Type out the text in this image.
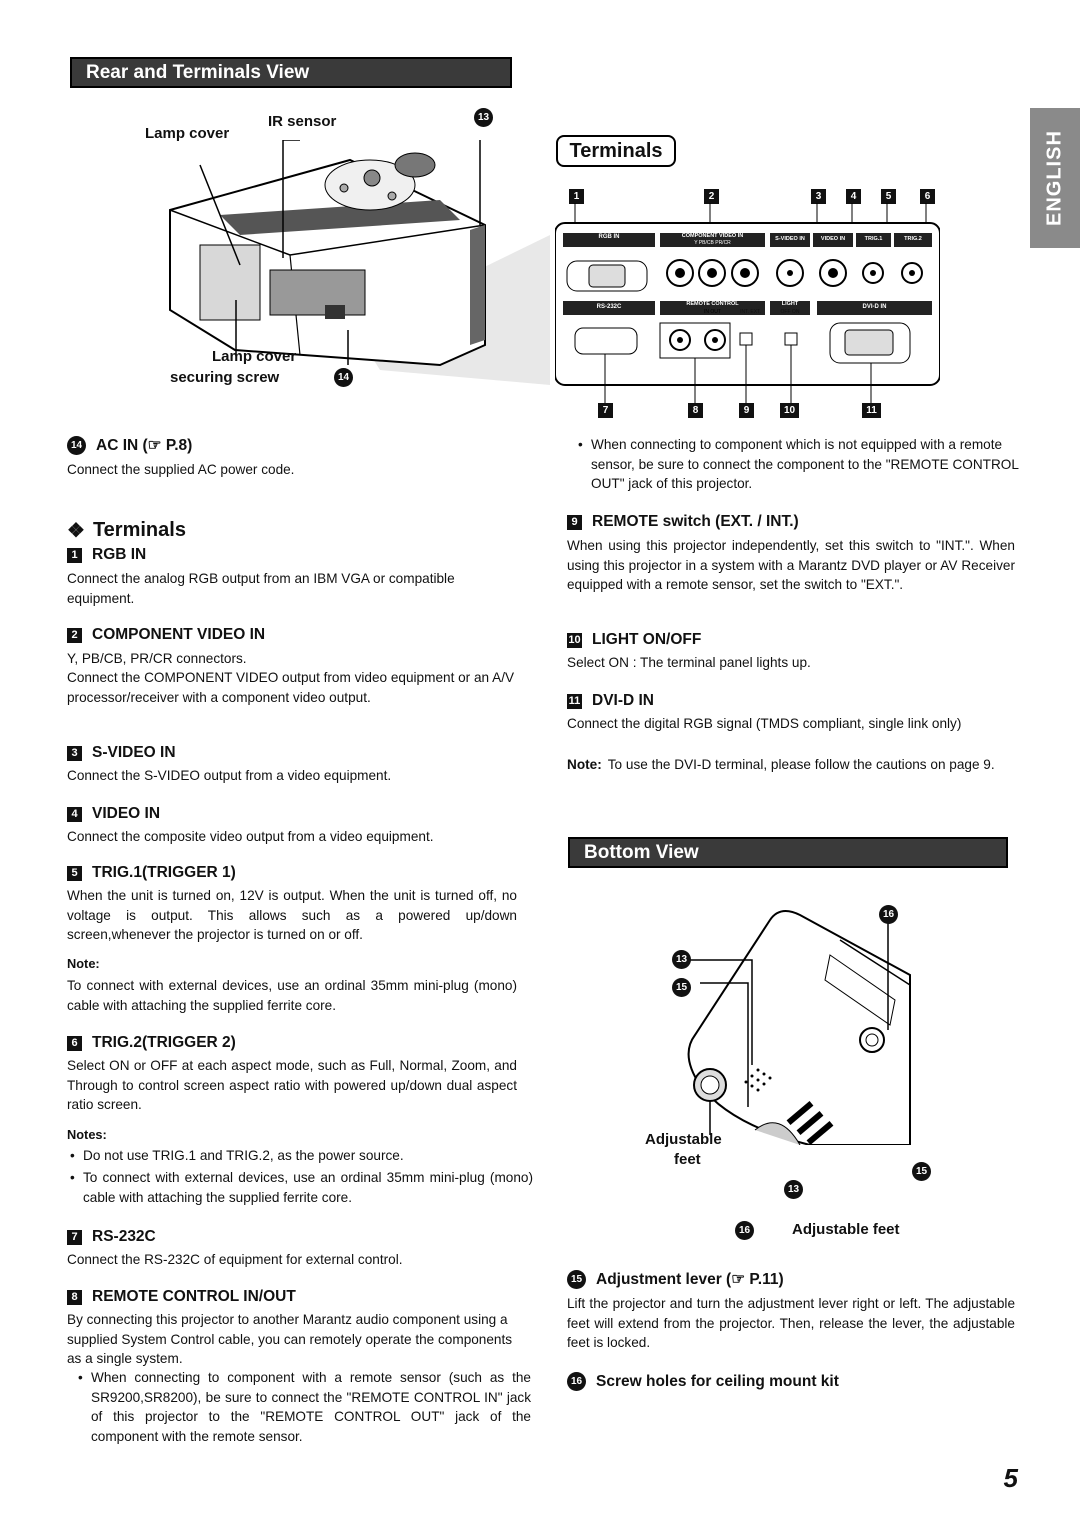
Rear and Terminals View
ENGLISH
Lamp cover
IR sensor
Lamp cover
securing screw
13
14
Terminals
1	2	3	4	5	6
RGB IN	COMPONENT VIDEO IN
Y PB/CB PR/CR
S-VIDEO IN	VIDEO IN	TRIG.1	TRIG.2
RS-232C	REMOTE CONTROL
IN OUT	INT. EXT.
LIGHT
OFF ON
DVI-D IN
7	8	9	10	11
14 AC IN (☞ P.8)
Connect the supplied AC power code.
• When connecting to component which is not equipped with a remote sensor, be sure to connect the component to the "REMOTE CONTROL OUT" jack of this projector.
❖ Terminals
1 RGB IN
Connect the analog RGB output from an IBM VGA or compatible equipment.
2 COMPONENT VIDEO IN
Y, PB/CB, PR/CR connectors.
Connect the COMPONENT VIDEO output from video equipment or an A/V processor/receiver with a component video output.
3 S-VIDEO IN
Connect the S-VIDEO output from a video equipment.
4 VIDEO IN
Connect the composite video output from a video equipment.
5 TRIG.1(TRIGGER 1)
When the unit is turned on, 12V is output. When the unit is turned off, no voltage is output. This allows such as a powered up/down screen,whenever the projector is turned on or off.
Note:
To connect with external devices, use an ordinal 35mm mini-plug (mono) cable with attaching the supplied ferrite core.
6 TRIG.2(TRIGGER 2)
Select ON or OFF at each aspect mode, such as Full, Normal, Zoom, and Through to control screen aspect ratio with powered up/down dual aspect ratio screen.
Notes:
• Do not use TRIG.1 and TRIG.2, as the power source.
• To connect with external devices, use an ordinal 35mm mini-plug (mono) cable with attaching the supplied ferrite core.
7 RS-232C
Connect the RS-232C of equipment for external control.
8 REMOTE CONTROL IN/OUT
By connecting this projector to another Marantz audio component using a supplied System Control cable, you can remotely operate the components as a single system.
• When connecting to component with a remote sensor (such as the SR9200,SR8200), be sure to connect the "REMOTE CONTROL IN" jack of this projector to the "REMOTE CONTROL OUT" jack of the component with the remote sensor.
9 REMOTE switch (EXT. / INT.)
When using this projector independently, set this switch to "INT.". When using this projector in a system with a Marantz DVD player or AV Receiver equipped with a remote sensor, set the switch to "EXT.".
10 LIGHT ON/OFF
Select ON : The terminal panel lights up.
11 DVI-D IN
Connect the digital RGB signal (TMDS compliant, single link only)
Note: To use the DVI-D terminal, please follow the cautions on page 9.
Bottom View
16
13
15
Adjustable
feet
15
13
16	Adjustable feet
15 Adjustment lever (☞ P.11)
Lift the projector and turn the adjustment lever right or left. The adjustable feet will extend from the projector. Then, release the lever, the adjustable feet is locked.
16 Screw holes for ceiling mount kit
5
